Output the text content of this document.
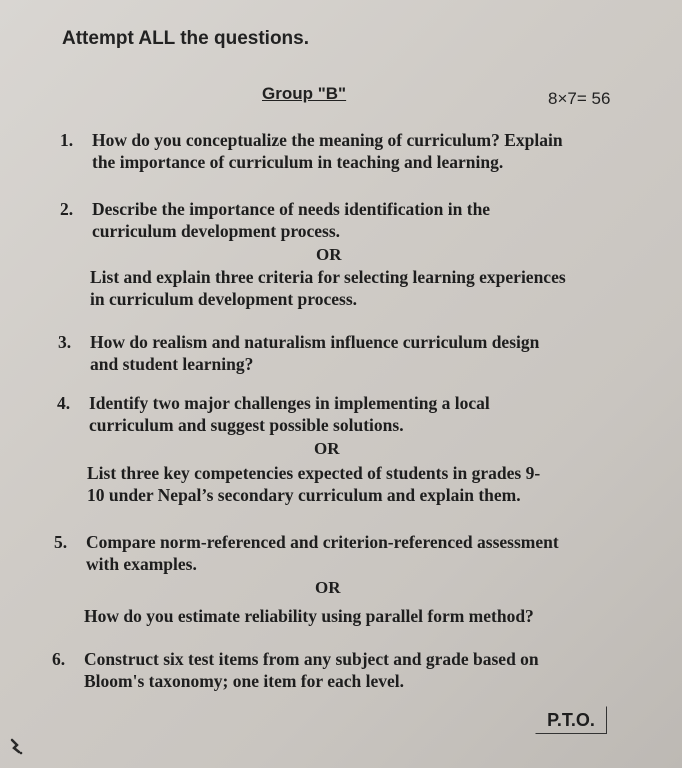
Attempt ALL the questions.
Group "B"	8×7= 56
1. How do you conceptualize the meaning of curriculum? Explain
the importance of curriculum in teaching and learning.
2. Describe the importance of needs identification in the
curriculum development process.
OR
List and explain three criteria for selecting learning experiences
in curriculum development process.
3. How do realism and naturalism influence curriculum design
and student learning?
4. Identify two major challenges in implementing a local
curriculum and suggest possible solutions.
OR
List three key competencies expected of students in grades 9-
10 under Nepal’s secondary curriculum and explain them.
5. Compare norm-referenced and criterion-referenced assessment
with examples.
OR
How do you estimate reliability using parallel form method?
6. Construct six test items from any subject and grade based on
Bloom's taxonomy; one item for each level.
P.T.O.
